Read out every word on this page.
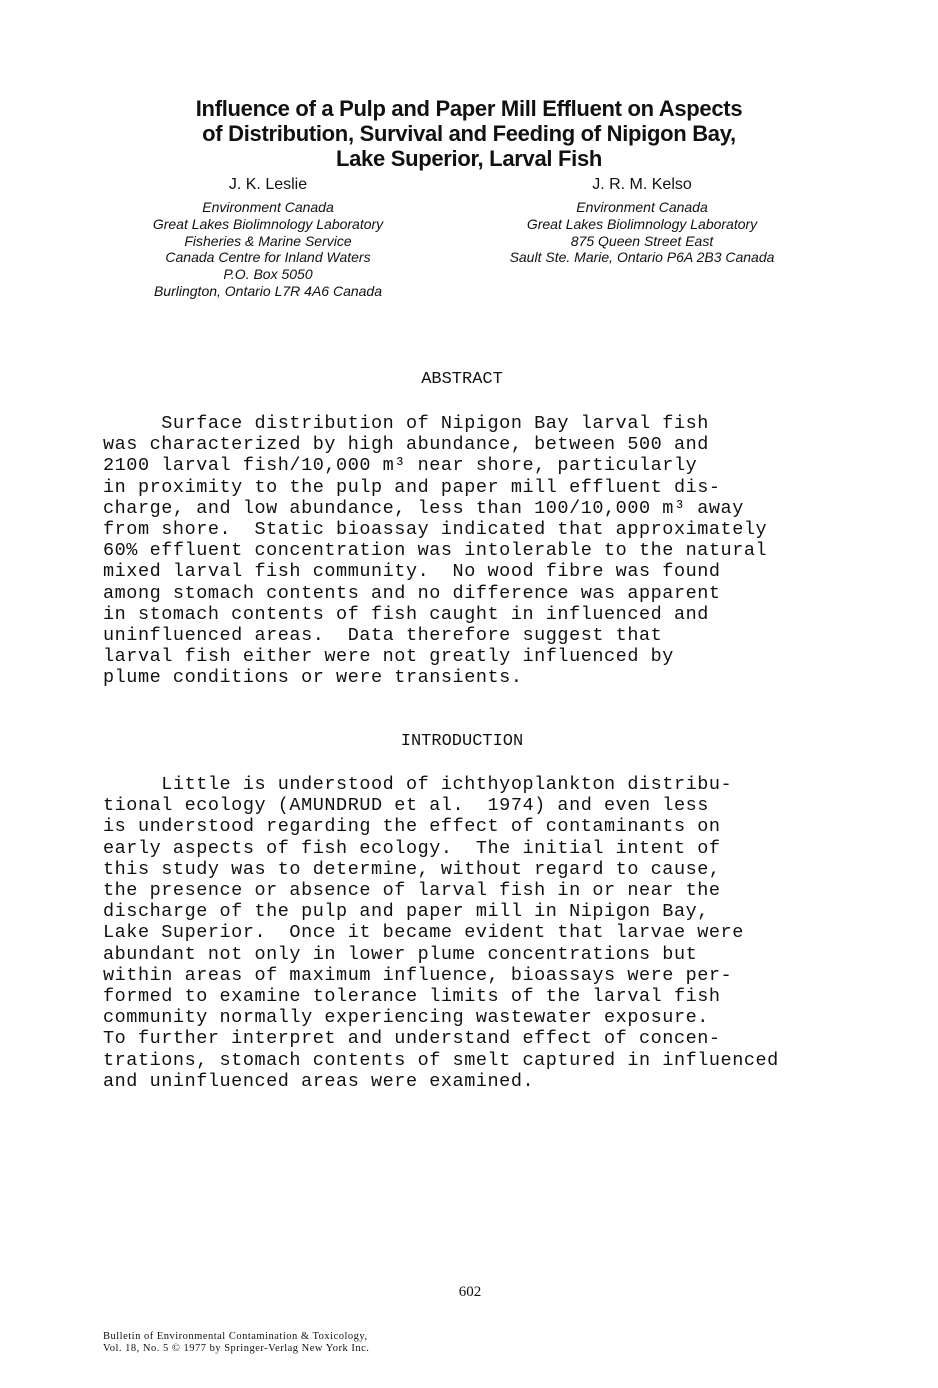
Influence of a Pulp and Paper Mill Effluent on Aspects
of Distribution, Survival and Feeding of Nipigon Bay,
Lake Superior, Larval Fish
J. K. Leslie
Environment Canada
Great Lakes Biolimnology Laboratory
Fisheries & Marine Service
Canada Centre for Inland Waters
P.O. Box 5050
Burlington, Ontario L7R 4A6 Canada
J. R. M. Kelso
Environment Canada
Great Lakes Biolimnology Laboratory
875 Queen Street East
Sault Ste. Marie, Ontario P6A 2B3 Canada
ABSTRACT
Surface distribution of Nipigon Bay larval fish
was characterized by high abundance, between 500 and
2100 larval fish/10,000 m³ near shore, particularly
in proximity to the pulp and paper mill effluent dis-
charge, and low abundance, less than 100/10,000 m³ away
from shore.  Static bioassay indicated that approximately
60% effluent concentration was intolerable to the natural
mixed larval fish community.  No wood fibre was found
among stomach contents and no difference was apparent
in stomach contents of fish caught in influenced and
uninfluenced areas.  Data therefore suggest that
larval fish either were not greatly influenced by
plume conditions or were transients.
INTRODUCTION
Little is understood of ichthyoplankton distribu-
tional ecology (AMUNDRUD et al.  1974) and even less
is understood regarding the effect of contaminants on
early aspects of fish ecology.  The initial intent of
this study was to determine, without regard to cause,
the presence or absence of larval fish in or near the
discharge of the pulp and paper mill in Nipigon Bay,
Lake Superior.  Once it became evident that larvae were
abundant not only in lower plume concentrations but
within areas of maximum influence, bioassays were per-
formed to examine tolerance limits of the larval fish
community normally experiencing wastewater exposure.
To further interpret and understand effect of concen-
trations, stomach contents of smelt captured in influenced
and uninfluenced areas were examined.
602
Bulletin of Environmental Contamination & Toxicology,
Vol. 18, No. 5 © 1977 by Springer-Verlag New York Inc.
